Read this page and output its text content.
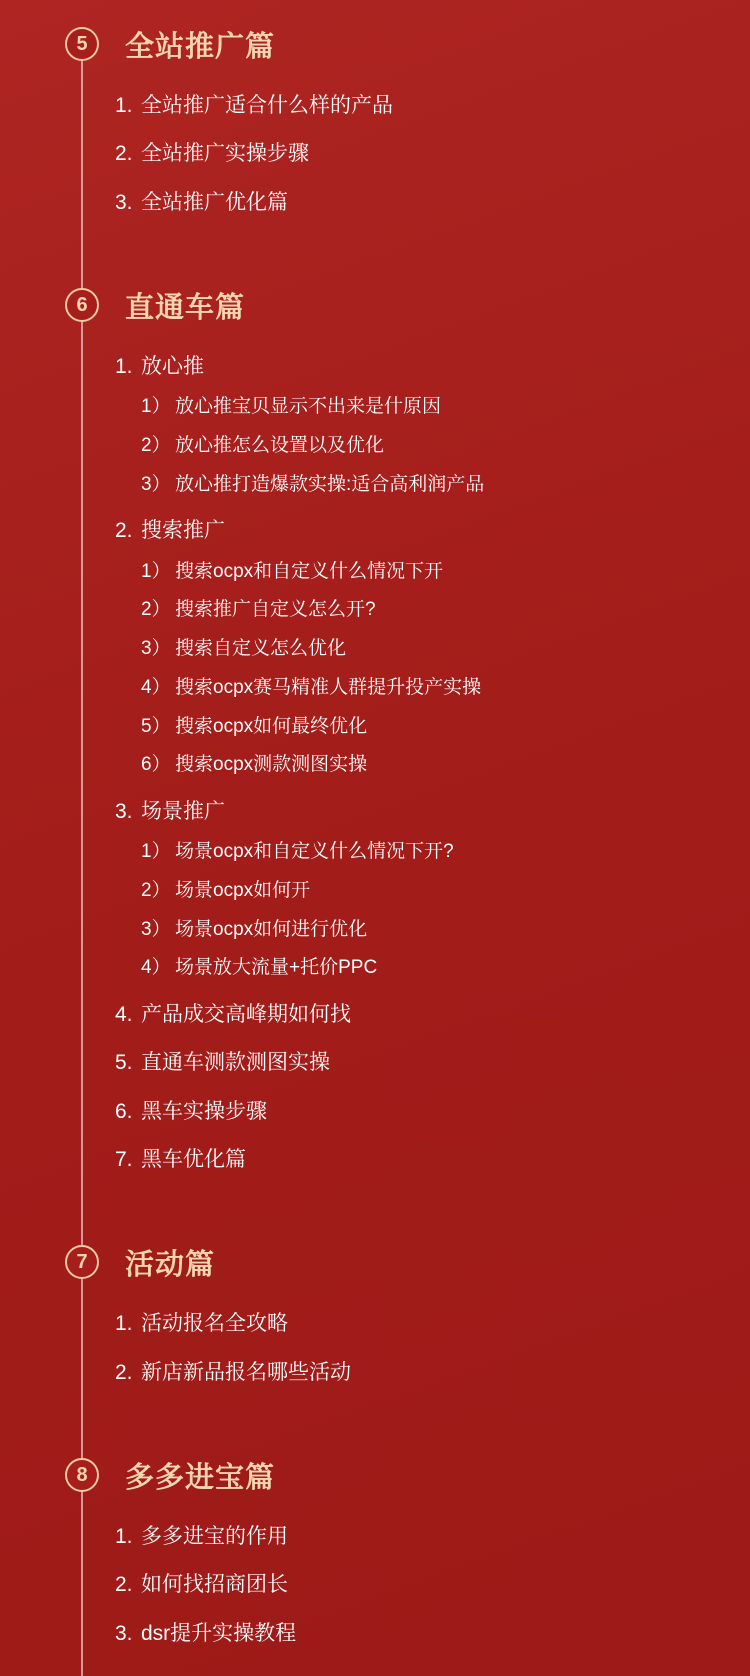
5	全站推广篇
1. 全站推广适合什么样的产品
2. 全站推广实操步骤
3. 全站推广优化篇
6	直通车篇
1. 放心推
1） 放心推宝贝显示不出来是什原因
2） 放心推怎么设置以及优化
3） 放心推打造爆款实操:适合高利润产品
2. 搜索推广
1） 搜索ocpx和自定义什么情况下开
2） 搜索推广自定义怎么开?
3） 搜索自定义怎么优化
4） 搜索ocpx赛马精准人群提升投产实操
5） 搜索ocpx如何最终优化
6） 搜索ocpx测款测图实操
3. 场景推广
1） 场景ocpx和自定义什么情况下开?
2） 场景ocpx如何开
3） 场景ocpx如何进行优化
4） 场景放大流量+托价PPC
4. 产品成交高峰期如何找
5. 直通车测款测图实操
6. 黑车实操步骤
7. 黑车优化篇
7	活动篇
1. 活动报名全攻略
2. 新店新品报名哪些活动
8	多多进宝篇
1. 多多进宝的作用
2. 如何找招商团长
3. dsr提升实操教程
